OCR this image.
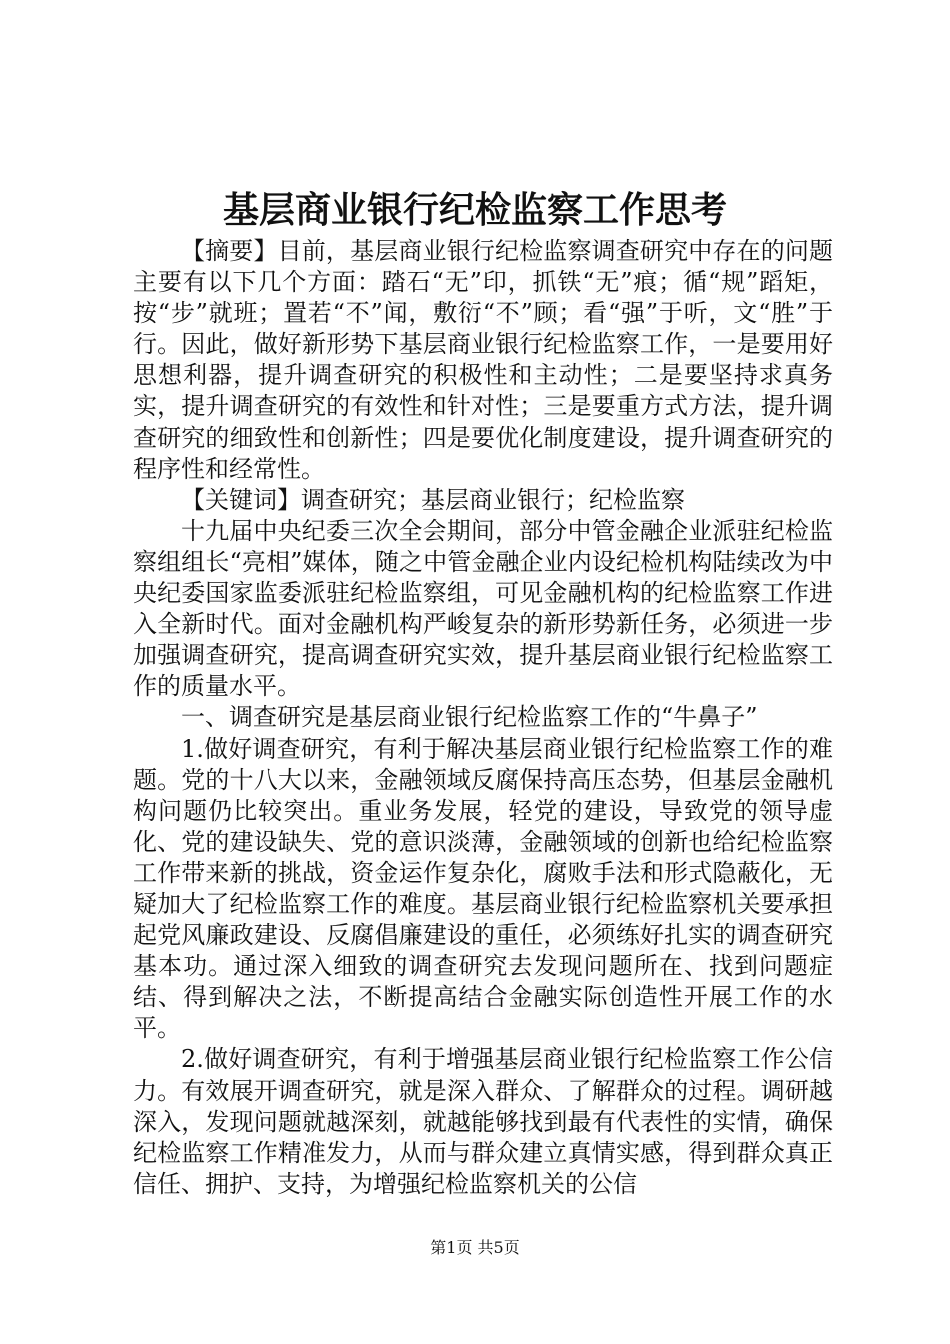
基层商业银行纪检监察工作思考

【摘要】目前，基层商业银行纪检监察调查研究中存在的问题主要有以下几个方面：踏石“无”印，抓铁“无”痕；循“规”蹈矩，按“步”就班；置若“不”闻，敷衍“不”顾；看“强”于听，文“胜”于行。因此，做好新形势下基层商业银行纪检监察工作，一是要用好思想利器，提升调查研究的积极性和主动性；二是要坚持求真务实，提升调查研究的有效性和针对性；三是要重方式方法，提升调查研究的细致性和创新性；四是要优化制度建设，提升调查研究的程序性和经常性。

【关键词】调查研究；基层商业银行；纪检监察

十九届中央纪委三次全会期间，部分中管金融企业派驻纪检监察组组长“亮相”媒体，随之中管金融企业内设纪检机构陆续改为中央纪委国家监委派驻纪检监察组，可见金融机构的纪检监察工作进入全新时代。面对金融机构严峻复杂的新形势新任务，必须进一步加强调查研究，提高调查研究实效，提升基层商业银行纪检监察工作的质量水平。

一、调查研究是基层商业银行纪检监察工作的“牛鼻子”

1.做好调查研究，有利于解决基层商业银行纪检监察工作的难题。党的十八大以来，金融领域反腐保持高压态势，但基层金融机构问题仍比较突出。重业务发展，轻党的建设，导致党的领导虚化、党的建设缺失、党的意识淡薄，金融领域的创新也给纪检监察工作带来新的挑战，资金运作复杂化，腐败手法和形式隐蔽化，无疑加大了纪检监察工作的难度。基层商业银行纪检监察机关要承担起党风廉政建设、反腐倡廉建设的重任，必须练好扎实的调查研究基本功。通过深入细致的调查研究去发现问题所在、找到问题症结、得到解决之法，不断提高结合金融实际创造性开展工作的水平。

2.做好调查研究，有利于增强基层商业银行纪检监察工作公信力。有效展开调查研究，就是深入群众、了解群众的过程。调研越深入，发现问题就越深刻，就越能够找到最有代表性的实情，确保纪检监察工作精准发力，从而与群众建立真情实感，得到群众真正信任、拥护、支持，为增强纪检监察机关的公信

第1页 共5页
